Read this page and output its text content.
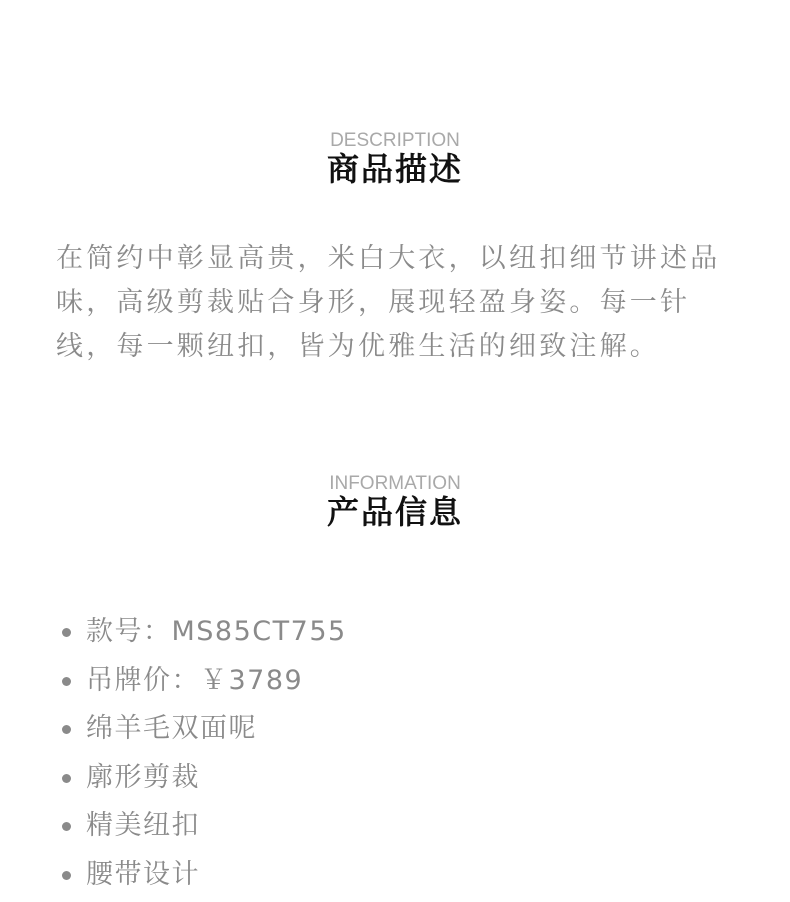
DESCRIPTION
商品描述
在简约中彰显高贵，米白大衣，以纽扣细节讲述品味，高级剪裁贴合身形，展现轻盈身姿。每一针线，每一颗纽扣，皆为优雅生活的细致注解。
INFORMATION
产品信息
款号：MS85CT755
吊牌价：￥3789
绵羊毛双面呢
廓形剪裁
精美纽扣
腰带设计
